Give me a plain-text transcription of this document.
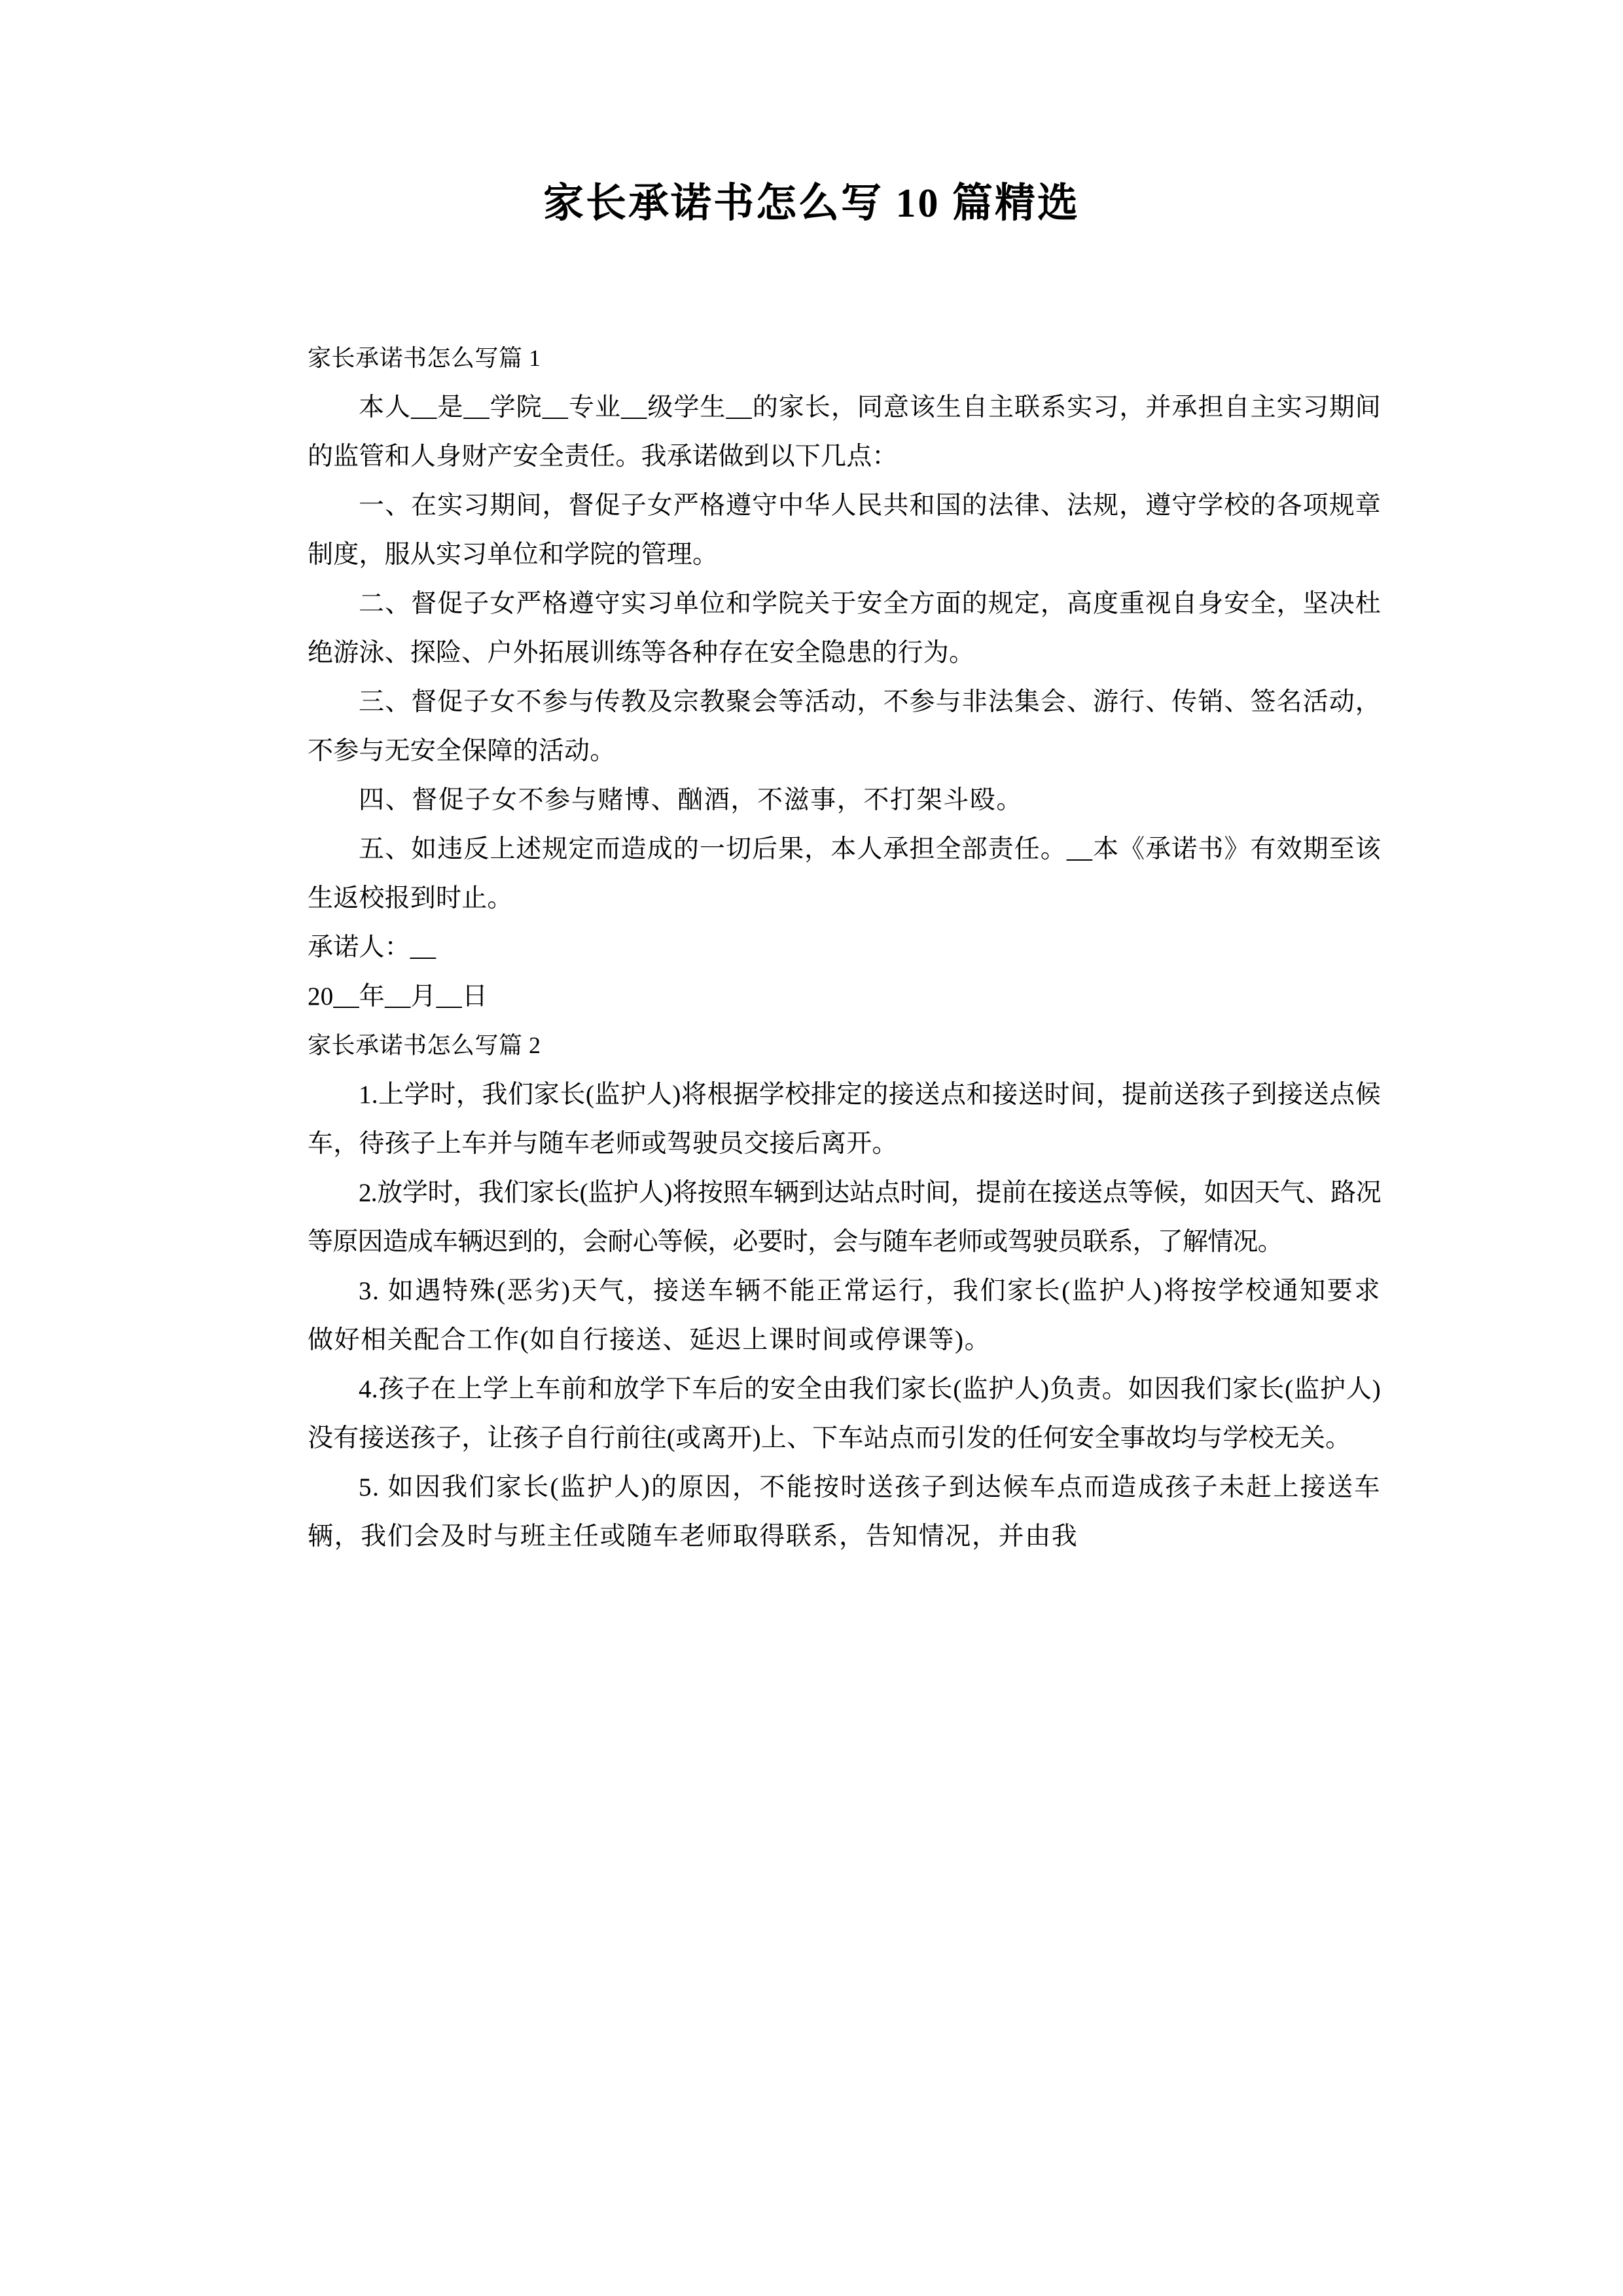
家长承诺书怎么写 10 篇精选
家长承诺书怎么写篇 1
本人__是__学院__专业__级学生__的家长，同意该生自主联系实习，并承担自主实习期间的监管和人身财产安全责任。我承诺做到以下几点：
一、在实习期间，督促子女严格遵守中华人民共和国的法律、法规，遵守学校的各项规章制度，服从实习单位和学院的管理。
二、督促子女严格遵守实习单位和学院关于安全方面的规定，高度重视自身安全，坚决杜绝游泳、探险、户外拓展训练等各种存在安全隐患的行为。
三、督促子女不参与传教及宗教聚会等活动，不参与非法集会、游行、传销、签名活动，不参与无安全保障的活动。
四、督促子女不参与赌博、酗酒，不滋事，不打架斗殴。
五、如违反上述规定而造成的一切后果，本人承担全部责任。__本《承诺书》有效期至该生返校报到时止。
承诺人：__
20__年__月__日
家长承诺书怎么写篇 2
1.上学时，我们家长(监护人)将根据学校排定的接送点和接送时间，提前送孩子到接送点候车，待孩子上车并与随车老师或驾驶员交接后离开。
2.放学时，我们家长(监护人)将按照车辆到达站点时间，提前在接送点等候，如因天气、路况等原因造成车辆迟到的，会耐心等候，必要时，会与随车老师或驾驶员联系，了解情况。
3. 如遇特殊(恶劣)天气，接送车辆不能正常运行，我们家长(监护人)将按学校通知要求做好相关配合工作(如自行接送、延迟上课时间或停课等)。
4.孩子在上学上车前和放学下车后的安全由我们家长(监护人)负责。如因我们家长(监护人)没有接送孩子，让孩子自行前往(或离开)上、下车站点而引发的任何安全事故均与学校无关。
5. 如因我们家长(监护人)的原因，不能按时送孩子到达候车点而造成孩子未赶上接送车辆，我们会及时与班主任或随车老师取得联系，告知情况，并由我
